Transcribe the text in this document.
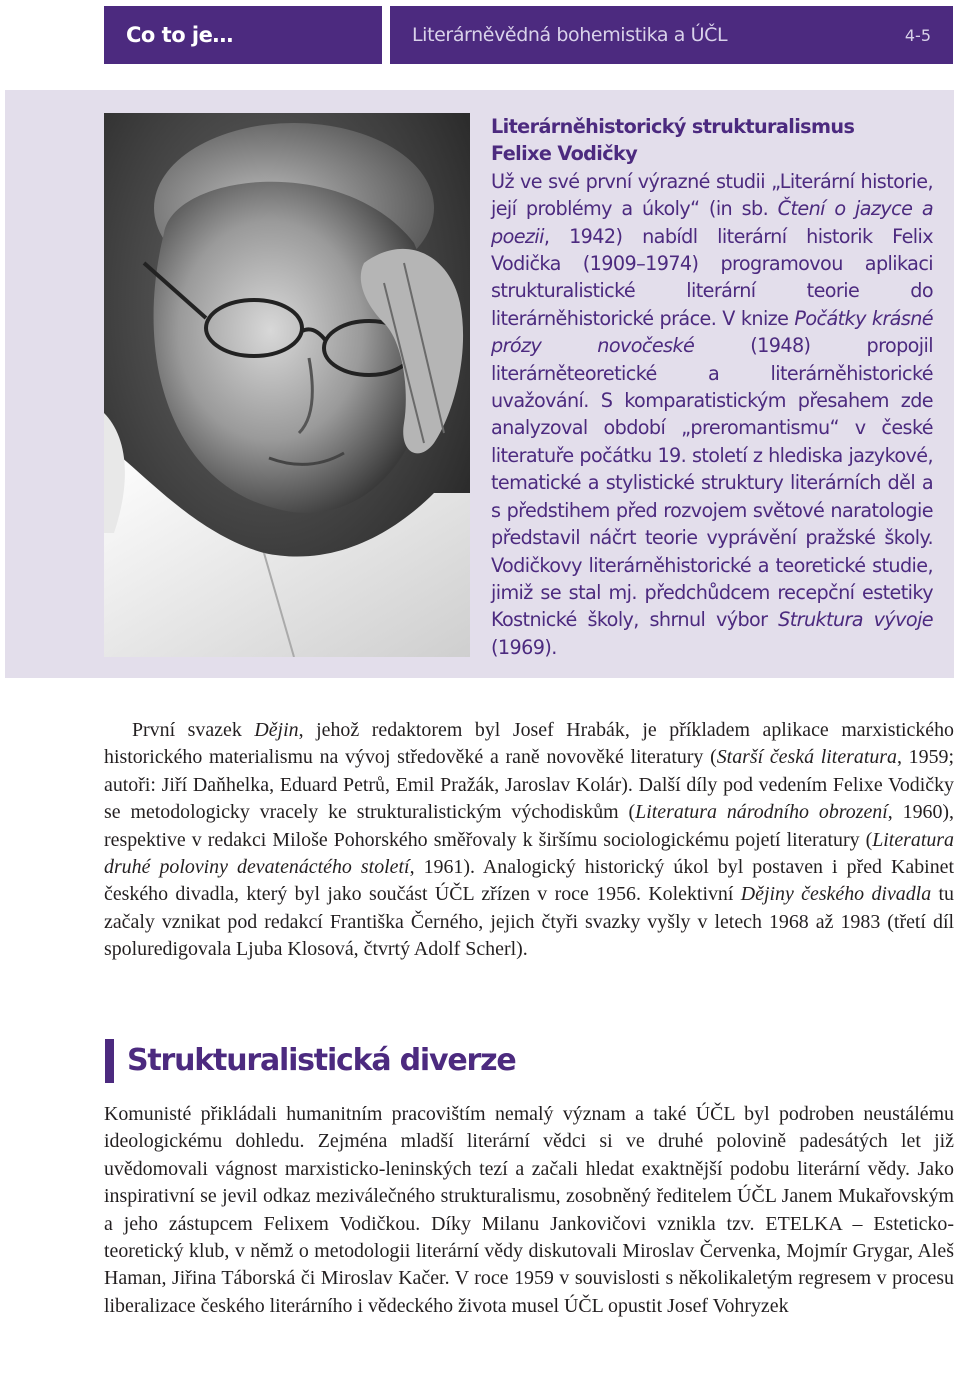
Co to je…	Literárněvědná bohemistika a ÚČL	4-5
Literárněhistorický strukturalismus
Felixe Vodičky
Už ve své první výrazné studii „Literární historie, její problémy a úkoly“ (in sb. Čtení o jazyce a poezii, 1942) nabídl literární historik Felix Vodička (1909–1974) programovou aplikaci strukturalistické literární teorie do literárněhistorické práce. V knize Počátky krásné prózy novočeské (1948) propojil literárněteoretické a literárněhistorické uvažování. S komparatistickým přesahem zde analyzoval období „preromantismu“ v české literatuře počátku 19. století z hlediska jazykové, tematické a stylistické struktury literárních děl a s předstihem před rozvojem světové naratologie představil náčrt teorie vyprávění pražské školy. Vodičkovy literárněhistorické a teoretické studie, jimiž se stal mj. předchůdcem recepční estetiky Kostnické školy, shrnul výbor Struktura vývoje (1969).
První svazek Dějin, jehož redaktorem byl Josef Hrabák, je příkladem aplikace marxistického historického materialismu na vývoj středověké a raně novověké literatury (Starší česká literatura, 1959; autoři: Jiří Daňhelka, Eduard Petrů, Emil Pražák, Jaroslav Kolár). Další díly pod vedením Felixe Vodičky se metodologicky vracely ke strukturalistickým východiskům (Literatura národního obrození, 1960), respektive v redakci Miloše Pohorského směřovaly k širšímu sociologickému pojetí literatury (Literatura druhé poloviny devatenáctého století, 1961). Analogický historický úkol byl postaven i před Kabinet českého divadla, který byl jako součást ÚČL zřízen v roce 1956. Kolektivní Dějiny českého divadla tu začaly vznikat pod redakcí Františka Černého, jejich čtyři svazky vyšly v letech 1968 až 1983 (třetí díl spoluredigovala Ljuba Klosová, čtvrtý Adolf Scherl).
Strukturalistická diverze
Komunisté přikládali humanitním pracovištím nemalý význam a také ÚČL byl podroben neustálému ideologickému dohledu. Zejména mladší literární vědci si ve druhé polovině padesátých let již uvědomovali vágnost marxisticko-leninských tezí a začali hledat exaktnější podobu literární vědy. Jako inspirativní se jevil odkaz meziválečného strukturalismu, zosobněný ředitelem ÚČL Janem Mukařovským a jeho zástupcem Felixem Vodičkou. Díky Milanu Jankovičovi vznikla tzv. ETELKA – Esteticko-teoretický klub, v němž o metodologii literární vědy diskutovali Miroslav Červenka, Mojmír Grygar, Aleš Haman, Jiřina Táborská či Miroslav Kačer. V roce 1959 v souvislosti s několikaletým regresem v procesu liberalizace českého literárního i vědeckého života musel ÚČL opustit Josef Vohryzek
